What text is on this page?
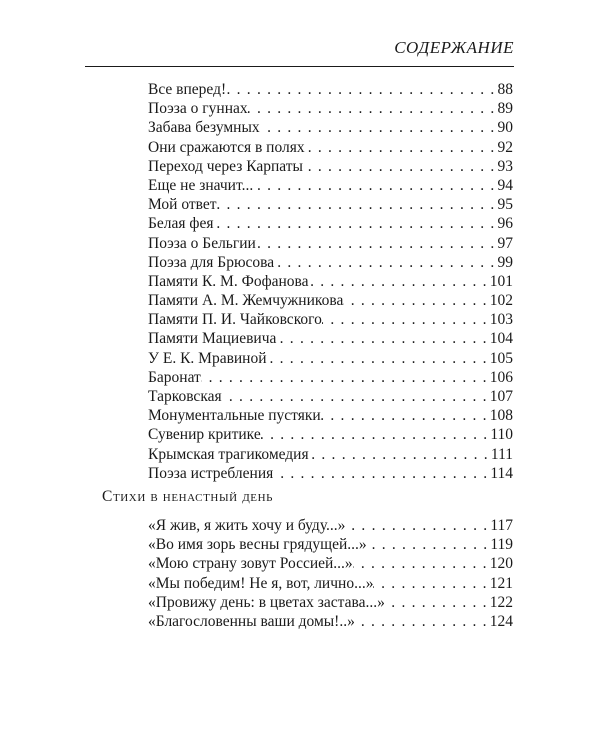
СОДЕРЖАНИЕ
Все вперед! . . .	88
Поэза о гуннах . . .	89
Забава безумных . . .	90
Они сражаются в полях . . .	92
Переход через Карпаты . . .	93
Еще не значит... . . .	94
Мой ответ . . .	95
Белая фея . . .	96
Поэза о Бельгии . . .	97
Поэза для Брюсова . . .	99
Памяти К. М. Фофанова . . .	101
Памяти А. М. Жемчужникова . . .	102
Памяти П. И. Чайковского . . .	103
Памяти Мациевича . . .	104
У Е. К. Мравиной . . .	105
Баронат . . .	106
Тарковская . . .	107
Монументальные пустяки . . .	108
Сувенир критике . . .	110
Крымская трагикомедия . . .	111
Поэза истребления . . .	114
Стихи в ненастный день
«Я жив, я жить хочу и буду...» . . .	117
«Во имя зорь весны грядущей...» . . .	119
«Мою страну зовут Россией...» . . .	120
«Мы победим! Не я, вот, лично...» . . .	121
«Провижу день: в цветах застава...» . . .	122
«Благословенны ваши домы!..» . . .	124
